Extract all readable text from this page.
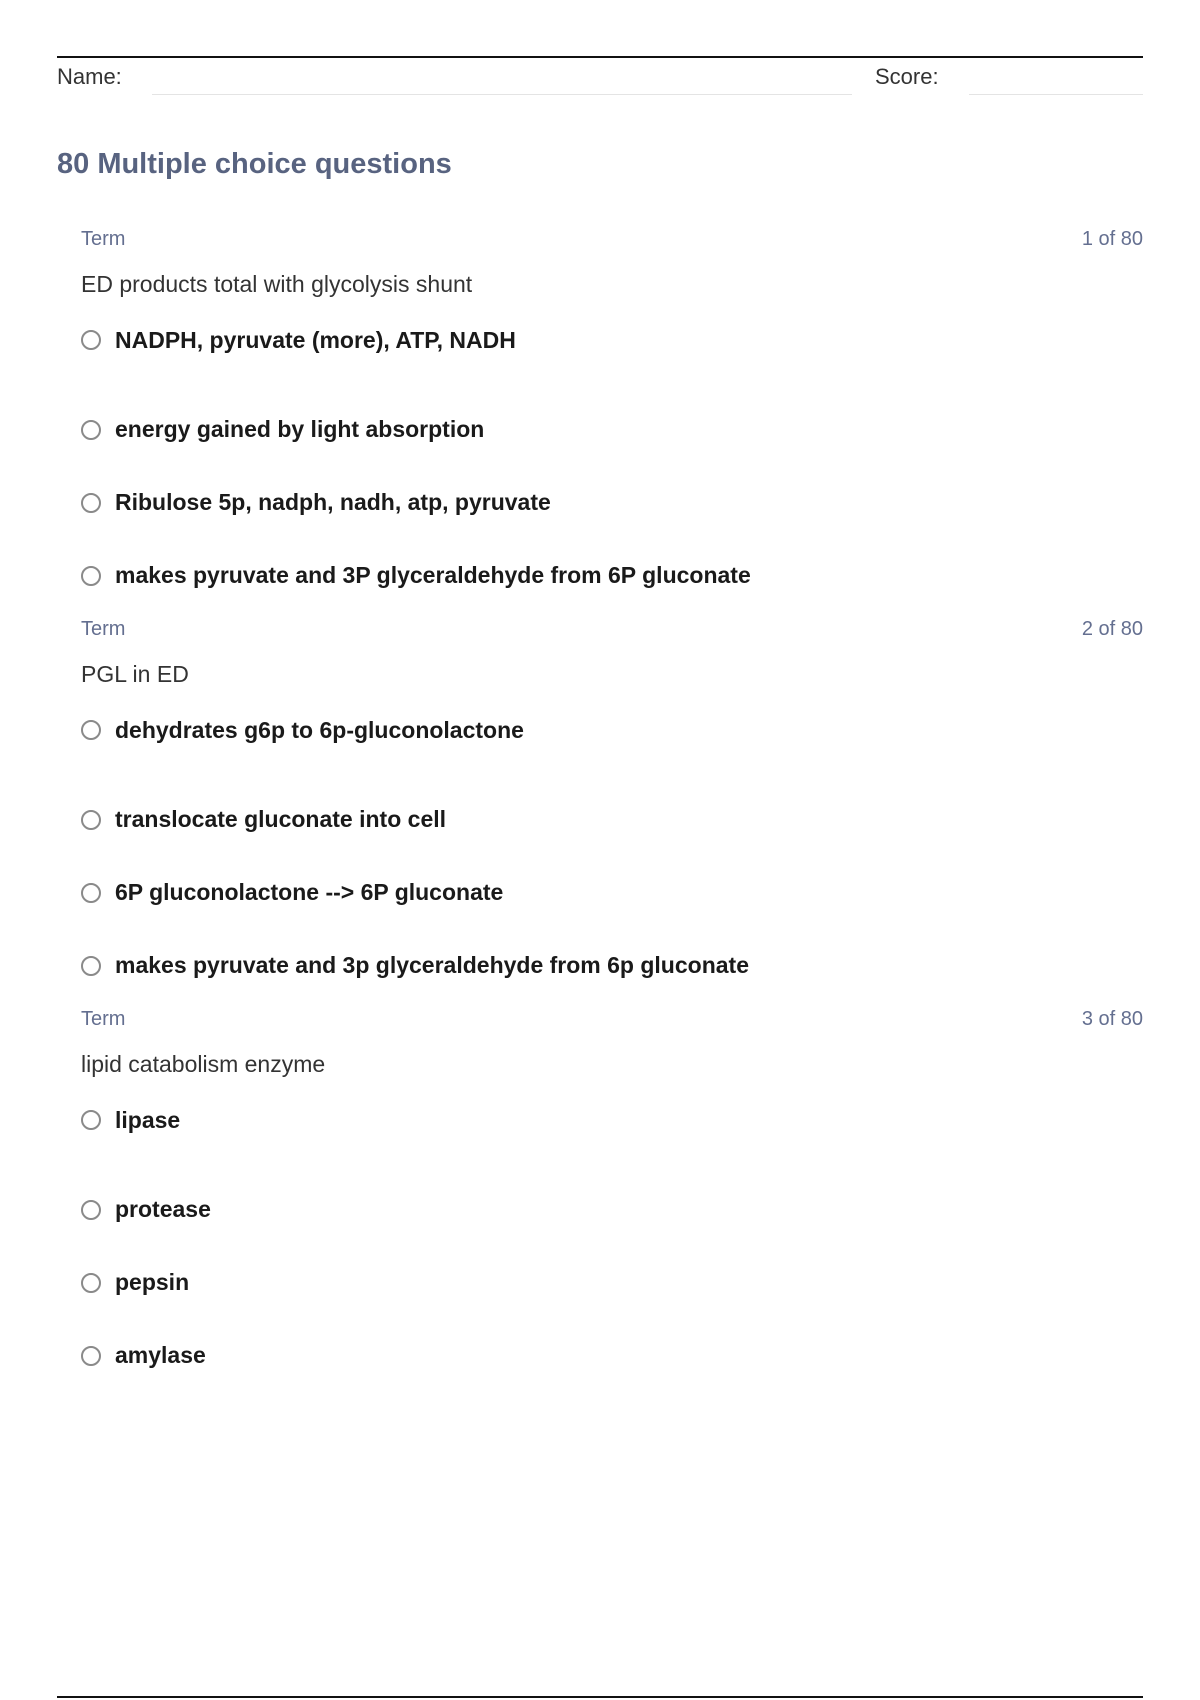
Name:	Score:
80 Multiple choice questions
Term	1 of 80
ED products total with glycolysis shunt
NADPH, pyruvate (more), ATP, NADH
energy gained by light absorption
Ribulose 5p, nadph, nadh, atp, pyruvate
makes pyruvate and 3P glyceraldehyde from 6P gluconate
Term	2 of 80
PGL in ED
dehydrates g6p to 6p-gluconolactone
translocate gluconate into cell
6P gluconolactone --> 6P gluconate
makes pyruvate and 3p glyceraldehyde from 6p gluconate
Term	3 of 80
lipid catabolism enzyme
lipase
protease
pepsin
amylase
